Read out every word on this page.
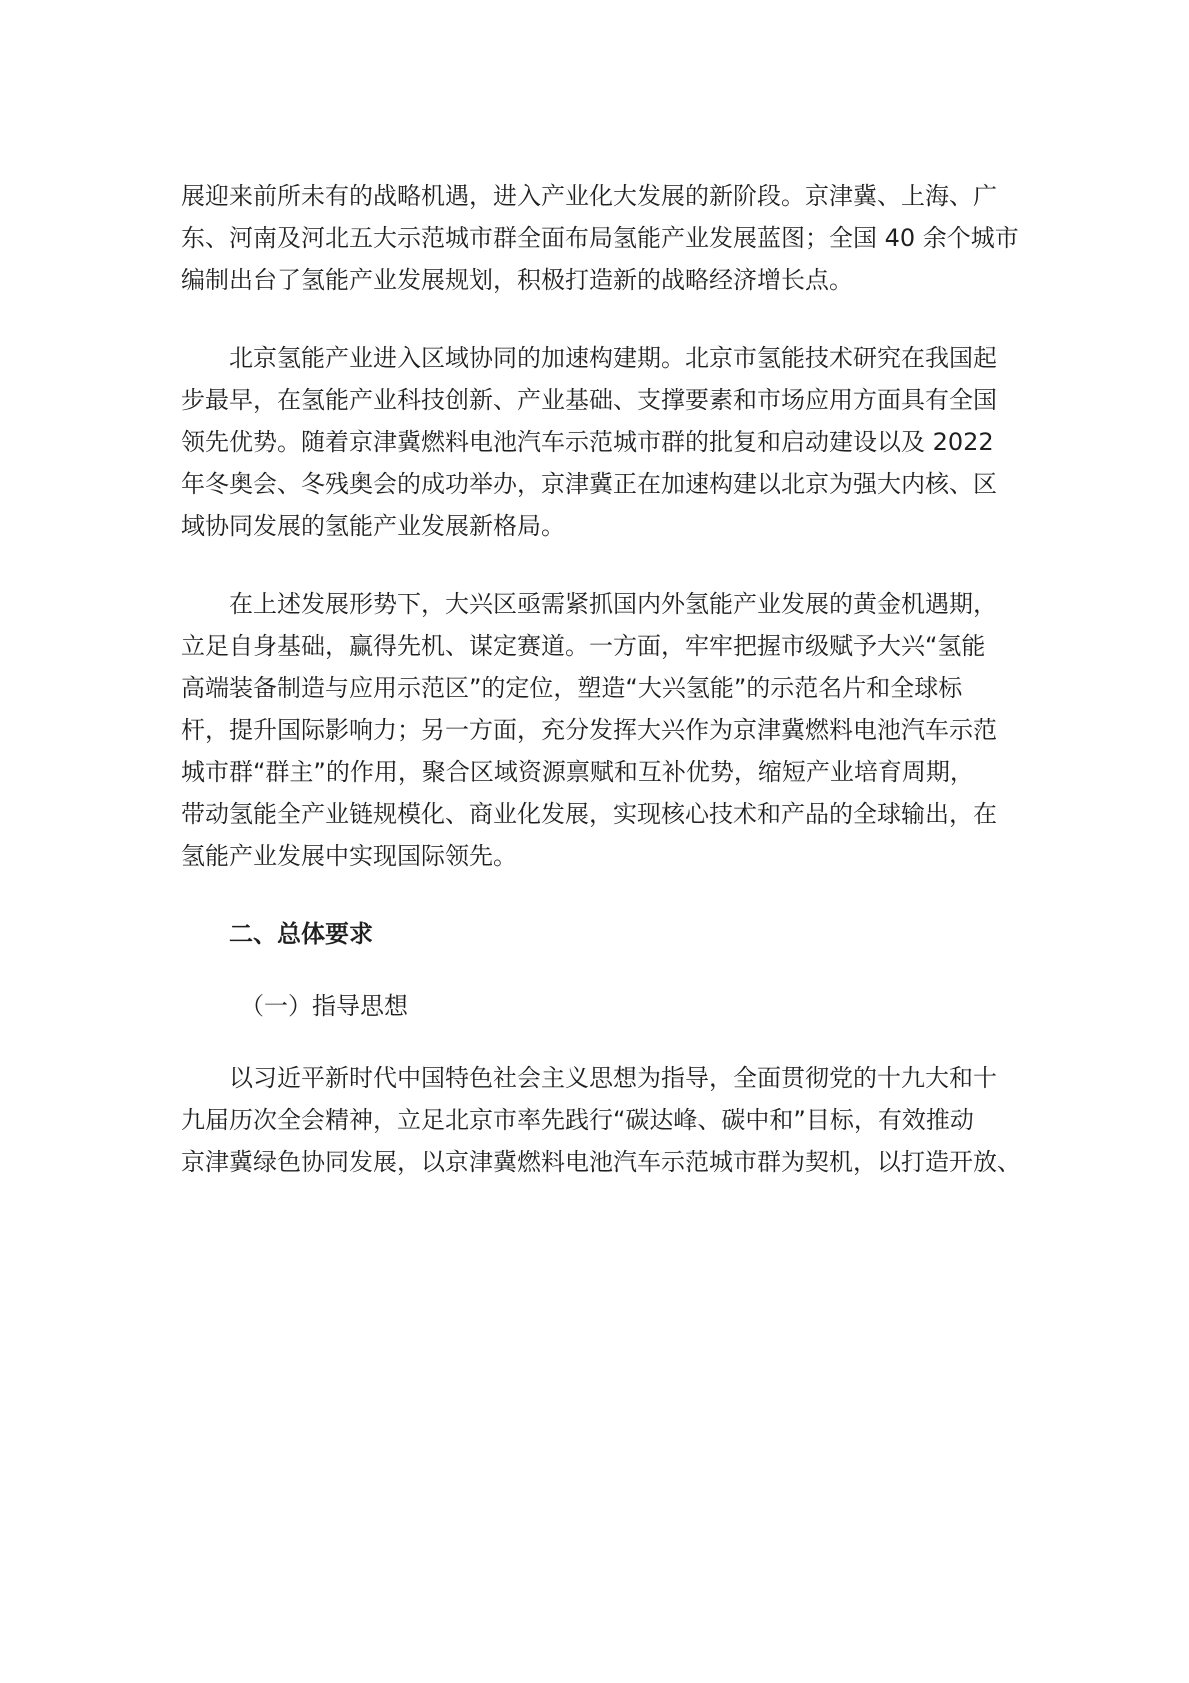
展迎来前所未有的战略机遇，进入产业化大发展的新阶段。京津冀、上海、广
东、河南及河北五大示范城市群全面布局氢能产业发展蓝图；全国 40 余个城市
编制出台了氢能产业发展规划，积极打造新的战略经济增长点。
北京氢能产业进入区域协同的加速构建期。北京市氢能技术研究在我国起
步最早，在氢能产业科技创新、产业基础、支撑要素和市场应用方面具有全国
领先优势。随着京津冀燃料电池汽车示范城市群的批复和启动建设以及 2022
年冬奥会、冬残奥会的成功举办，京津冀正在加速构建以北京为强大内核、区
域协同发展的氢能产业发展新格局。
在上述发展形势下，大兴区亟需紧抓国内外氢能产业发展的黄金机遇期，
立足自身基础，赢得先机、谋定赛道。一方面，牢牢把握市级赋予大兴“氢能
高端装备制造与应用示范区”的定位，塑造“大兴氢能”的示范名片和全球标
杆，提升国际影响力；另一方面，充分发挥大兴作为京津冀燃料电池汽车示范
城市群“群主”的作用，聚合区域资源禀赋和互补优势，缩短产业培育周期，
带动氢能全产业链规模化、商业化发展，实现核心技术和产品的全球输出，在
氢能产业发展中实现国际领先。
二、总体要求
（一）指导思想
以习近平新时代中国特色社会主义思想为指导，全面贯彻党的十九大和十
九届历次全会精神，立足北京市率先践行“碳达峰、碳中和”目标，有效推动
京津冀绿色协同发展，以京津冀燃料电池汽车示范城市群为契机，以打造开放、
